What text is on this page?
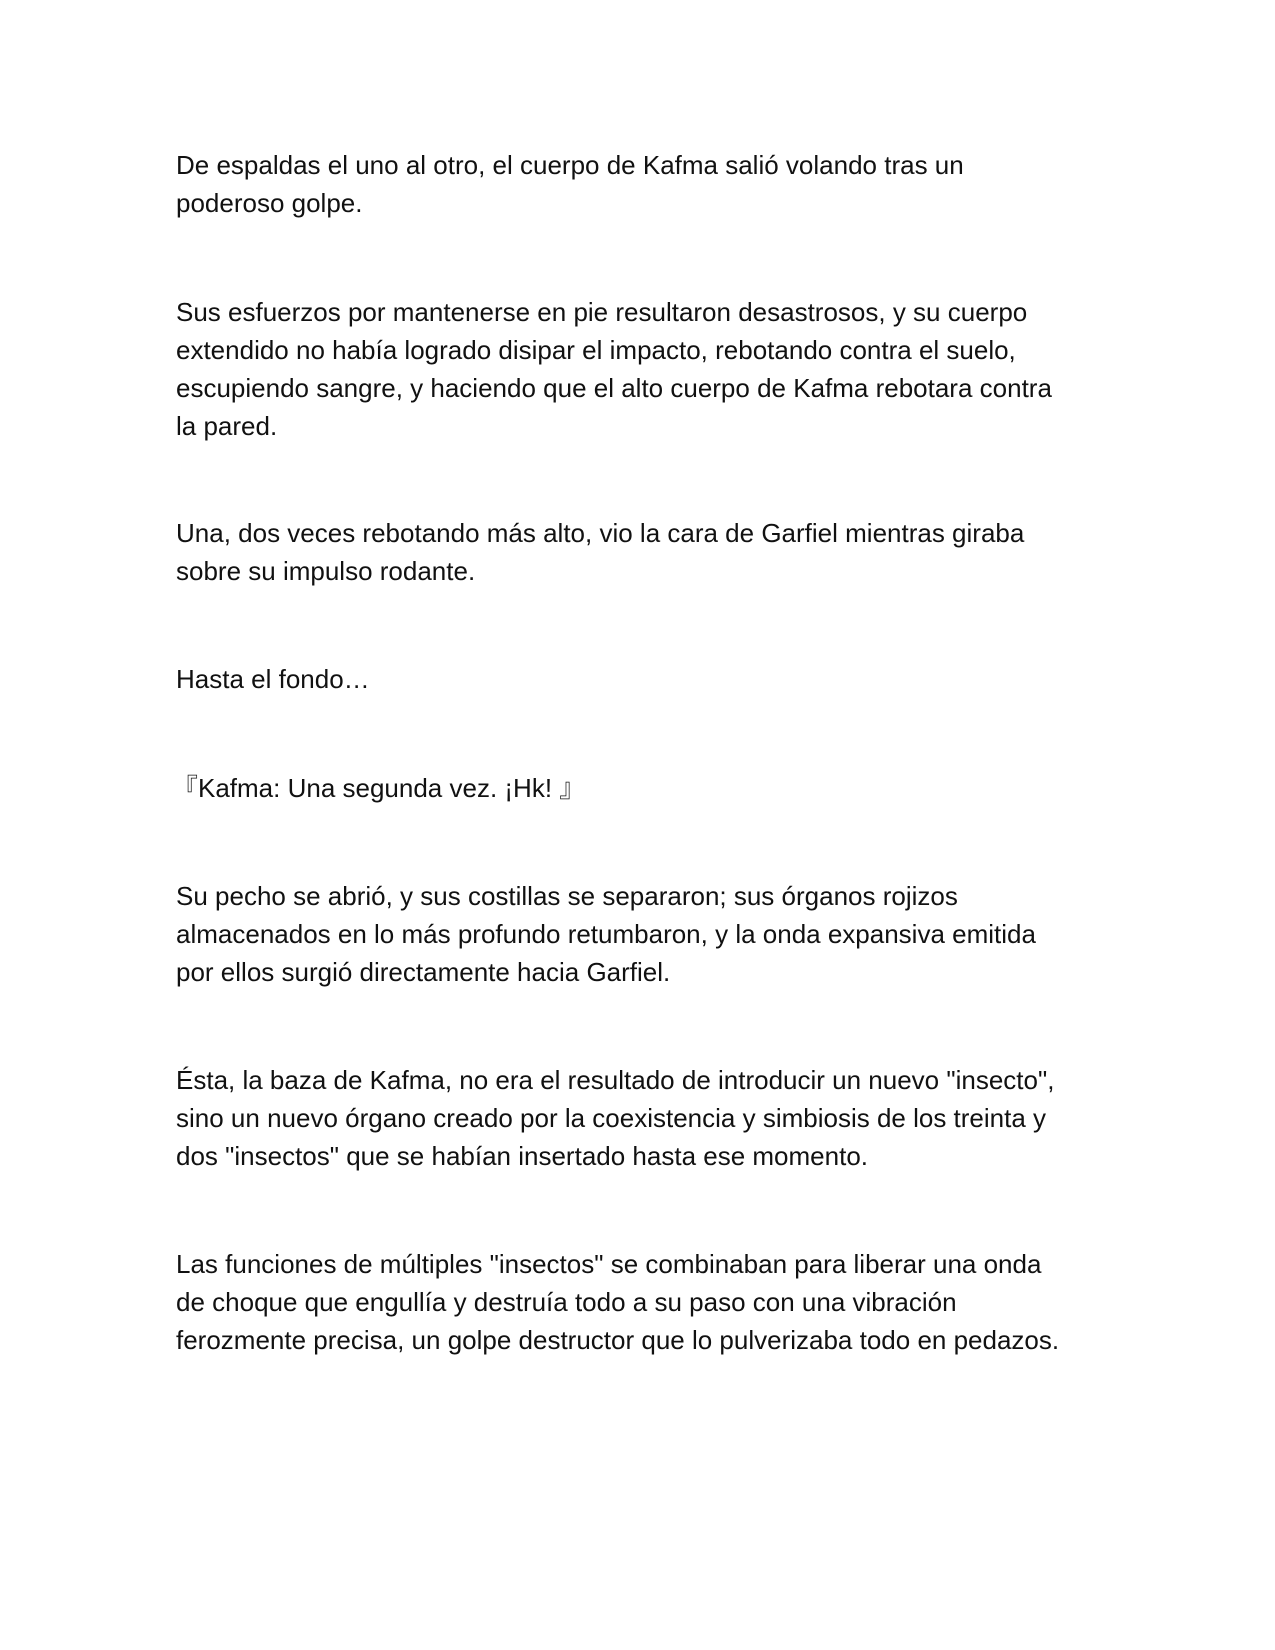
De espaldas el uno al otro, el cuerpo de Kafma salió volando tras un
poderoso golpe.

Sus esfuerzos por mantenerse en pie resultaron desastrosos, y su cuerpo
extendido no había logrado disipar el impacto, rebotando contra el suelo,
escupiendo sangre, y haciendo que el alto cuerpo de Kafma rebotara contra
la pared.

Una, dos veces rebotando más alto, vio la cara de Garfiel mientras giraba
sobre su impulso rodante.

Hasta el fondo…

『Kafma: Una segunda vez. ¡Hk! 』

Su pecho se abrió, y sus costillas se separaron; sus órganos rojizos
almacenados en lo más profundo retumbaron, y la onda expansiva emitida
por ellos surgió directamente hacia Garfiel.

Ésta, la baza de Kafma, no era el resultado de introducir un nuevo "insecto",
sino un nuevo órgano creado por la coexistencia y simbiosis de los treinta y
dos "insectos" que se habían insertado hasta ese momento.

Las funciones de múltiples "insectos" se combinaban para liberar una onda
de choque que engullía y destruía todo a su paso con una vibración
ferozmente precisa, un golpe destructor que lo pulverizaba todo en pedazos.
